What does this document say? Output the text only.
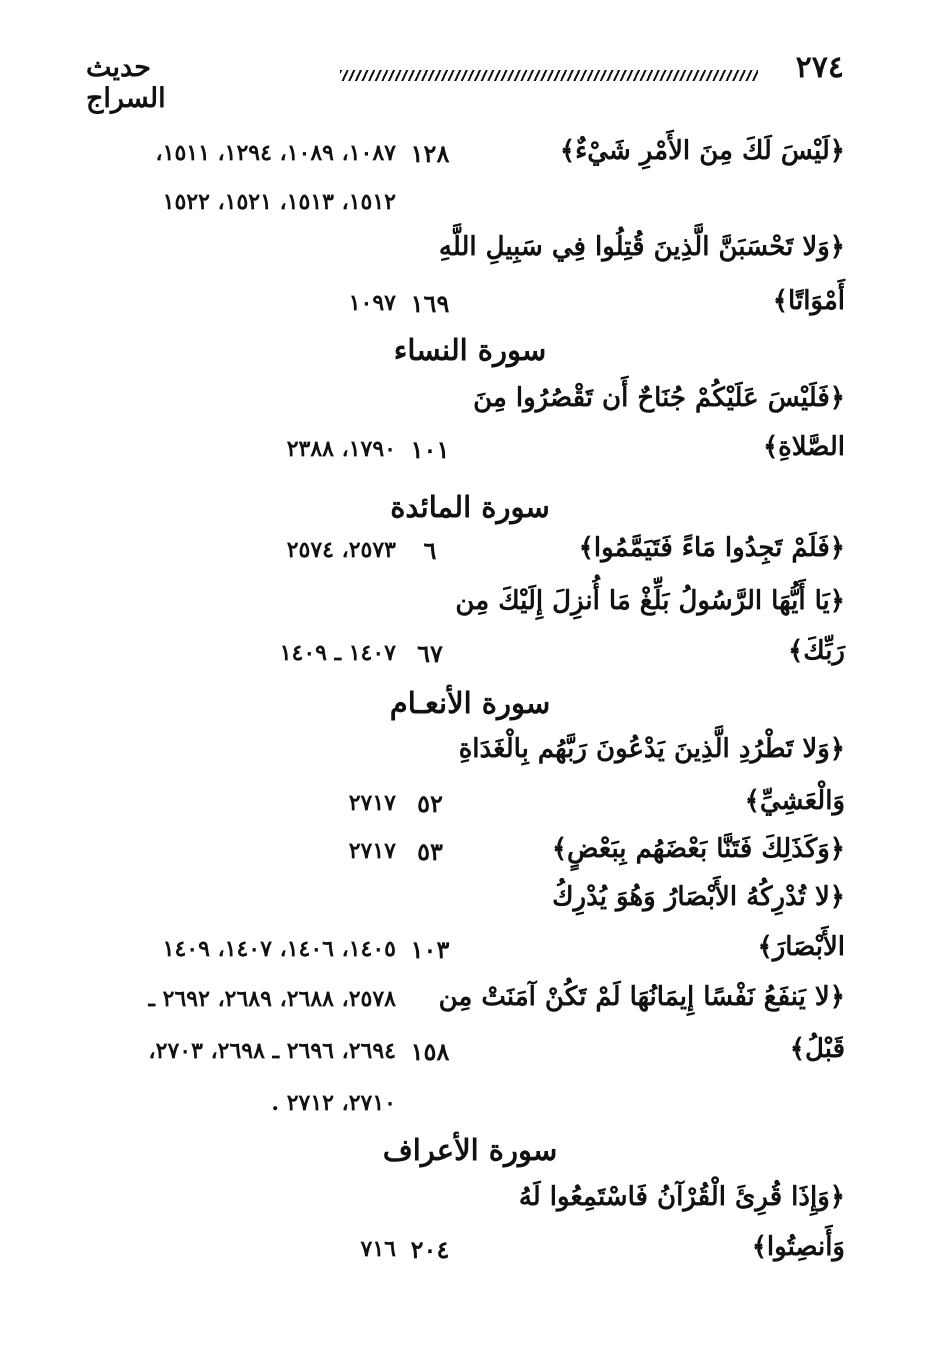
٢٧٤
حديث السراج
﴿لَيْسَ لَكَ مِنَ الأَمْرِ شَيْءٌ﴾
١٢٨
١٠٨٧، ١٠٨٩، ١٢٩٤، ١٥١١،
١٥١٢، ١٥١٣، ١٥٢١، ١٥٢٢
﴿وَلا تَحْسَبَنَّ الَّذِينَ قُتِلُوا فِي سَبِيلِ اللَّهِ
أَمْوَاتًا﴾
١٦٩
١٠٩٧
سورة النساء
﴿فَلَيْسَ عَلَيْكُمْ جُنَاحٌ أَن تَقْصُرُوا مِنَ
الصَّلاةِ﴾
١٠١
١٧٩٠، ٢٣٨٨
سورة المائدة
﴿فَلَمْ تَجِدُوا مَاءً فَتَيَمَّمُوا﴾
٦
٢٥٧٣، ٢٥٧٤
﴿يَا أَيُّهَا الرَّسُولُ بَلِّغْ مَا أُنزِلَ إِلَيْكَ مِن
رَبِّكَ﴾
٦٧
١٤٠٧ ـ ١٤٠٩
سورة الأنعـام
﴿وَلا تَطْرُدِ الَّذِينَ يَدْعُونَ رَبَّهُم بِالْغَدَاةِ
وَالْعَشِيِّ﴾
٥٢
٢٧١٧
﴿وَكَذَلِكَ فَتَنَّا بَعْضَهُم بِبَعْضٍ﴾
٥٣
٢٧١٧
﴿لا تُدْرِكُهُ الأَبْصَارُ وَهُوَ يُدْرِكُ
الأَبْصَارَ﴾
١٠٣
١٤٠٥، ١٤٠٦، ١٤٠٧، ١٤٠٩
﴿لا يَنفَعُ نَفْسًا إِيمَانُهَا لَمْ تَكُنْ آمَنَتْ مِن
٢٥٧٨، ٢٦٨٨، ٢٦٨٩، ٢٦٩٢ ـ
قَبْلُ﴾
١٥٨
٢٦٩٤، ٢٦٩٦ ـ ٢٦٩٨، ٢٧٠٣،
٢٧١٠، ٢٧١٢ .
سورة الأعراف
﴿وَإِذَا قُرِئَ الْقُرْآنُ فَاسْتَمِعُوا لَهُ
وَأَنصِتُوا﴾
٢٠٤
٧١٦
